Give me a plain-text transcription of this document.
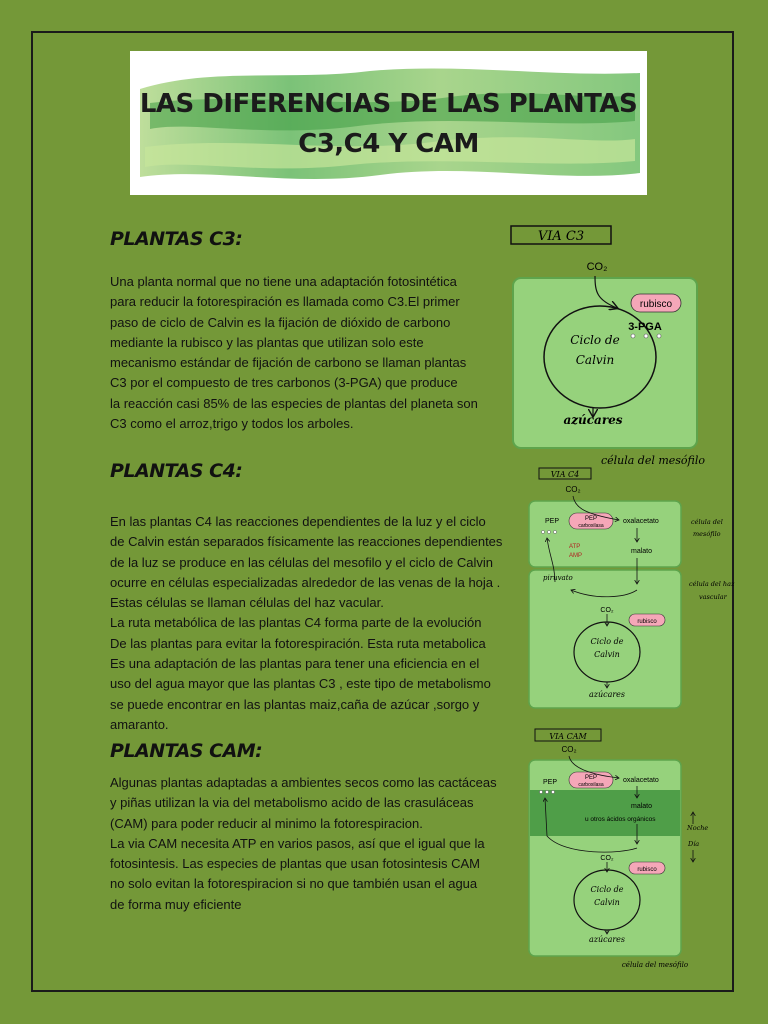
LAS DIFERENCIAS DE LAS PLANTAS
C3,C4 Y CAM
PLANTAS C3:
Una planta normal que no tiene una adaptación fotosintética
para reducir la fotorespiración es llamada como C3.El primer
paso de ciclo de Calvin es la fijación de dióxido de carbono
mediante la rubisco y las plantas que utilizan solo este
mecanismo estándar de fijación de carbono se llaman plantas
C3 por el compuesto de tres carbonos (3-PGA) que produce
la reacción casi 85% de las especies de plantas del planeta son
C3 como el arroz,trigo y todos los arboles.
VIA C3
CO₂
rubisco
3-PGA
Ciclo de
Calvin
azúcares
célula del mesófilo
PLANTAS C4:
En las plantas C4 las reacciones dependientes de la luz y el ciclo
de Calvin están separados físicamente las reacciones dependientes
de la luz se produce en las células del mesofilo y el ciclo de Calvin
ocurre en células especializadas alrededor de las venas de la hoja .
Estas células se llaman células del haz vacular.
La ruta metabólica de las plantas C4 forma parte de la evolución
De las plantas para evitar la fotorespiración. Esta ruta metabolica
Es una adaptación de las plantas para tener una eficiencia en el
uso del agua mayor que las plantas C3 , este tipo de metabolismo
se puede encontrar en las plantas maiz,caña de azúcar ,sorgo y
amaranto.
VIA C4
CO₂
PEP	PEP
carboxilasa
oxalacetato
ATP
AMP
malato
piruvato
CO₂
rubisco
Ciclo de
Calvin
azúcares
célula del
mesófilo
célula del haz
vascular
PLANTAS CAM:
Algunas plantas adaptadas a ambientes secos como las cactáceas
y piñas utilizan la via del metabolismo acido de las crasuláceas
(CAM) para poder reducir al minimo la fotorespiracion.
La via CAM necesita ATP en varios pasos, así que el igual que la
fotosintesis. Las especies de plantas que usan fotosintesis CAM
no solo evitan la fotorespiracion si no que también usan el agua
de forma muy eficiente
VIA CAM
CO₂
PEP
PEP
carboxilasa
oxalacetato
malato
u otros ácidos orgánicos
CO₂
rubisco
Ciclo de
Calvin
azúcares
Noche
Día
célula del mesófilo
